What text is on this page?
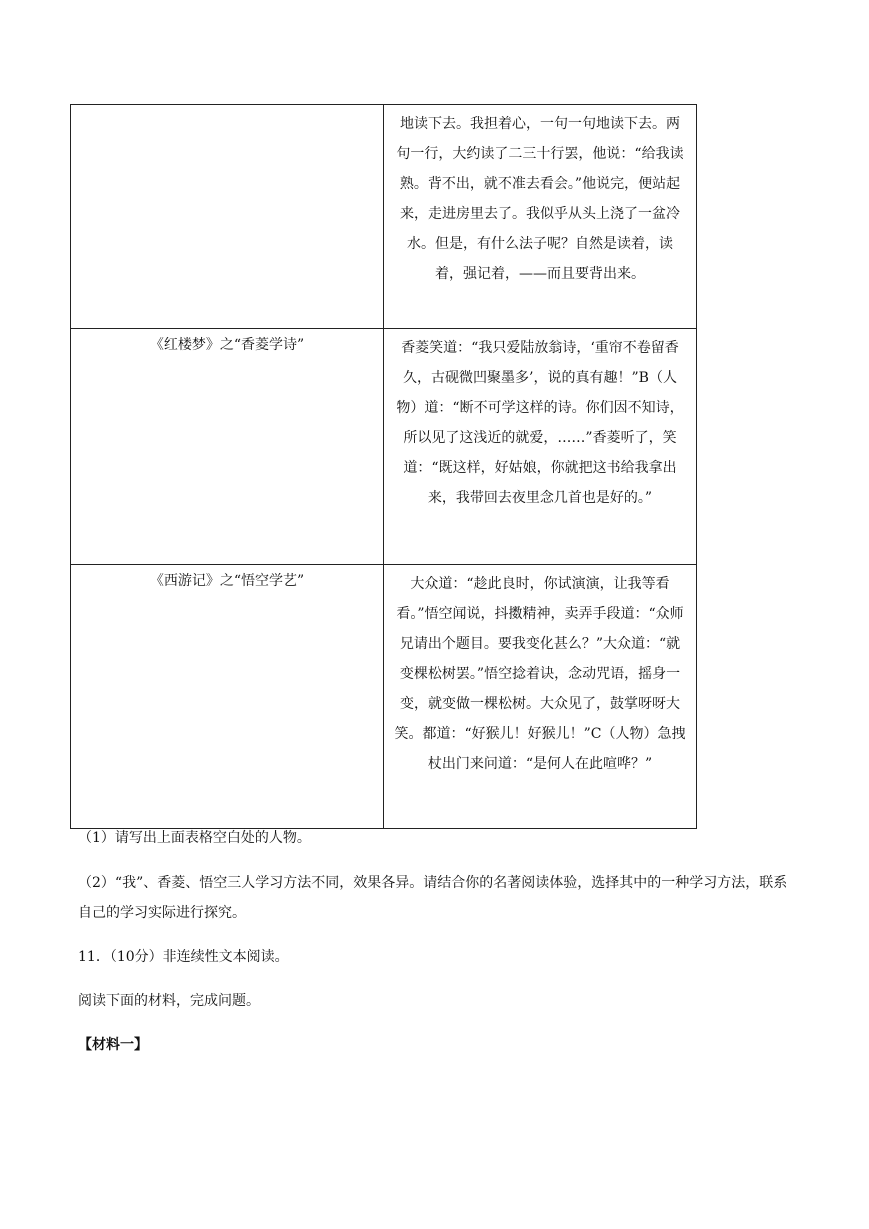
	地读下去。我担着心，一句一句地读下去。两句一行，大约读了二三十行罢，他说：“给我读熟。背不出，就不准去看会。”他说完，便站起来，走进房里去了。我似乎从头上浇了一盆冷水。但是，有什么法子呢？自然是读着，读着，强记着，——而且要背出来。

《红楼梦》之“香菱学诗”	香菱笑道：“我只爱陆放翁诗，‘重帘不卷留香久，古砚微凹聚墨多’，说的真有趣！”B（人物）道：“断不可学这样的诗。你们因不知诗，所以见了这浅近的就爱，……”香菱听了，笑道：“既这样，好姑娘，你就把这书给我拿出来，我带回去夜里念几首也是好的。”

《西游记》之“悟空学艺”	大众道：“趁此良时，你试演演，让我等看看。”悟空闻说，抖擞精神，卖弄手段道：“众师兄请出个题目。要我变化甚么？”大众道：“就变棵松树罢。”悟空捻着诀，念动咒语，摇身一变，就变做一棵松树。大众见了，鼓掌呀呀大笑。都道：“好猴儿！好猴儿！”C（人物）急拽杖出门来问道：“是何人在此喧哗？”

（1）请写出上面表格空白处的人物。

（2）“我”、香菱、悟空三人学习方法不同，效果各异。请结合你的名著阅读体验，选择其中的一种学习方法，联系自己的学习实际进行探究。

11．（10分）非连续性文本阅读。

阅读下面的材料，完成问题。

【材料一】
